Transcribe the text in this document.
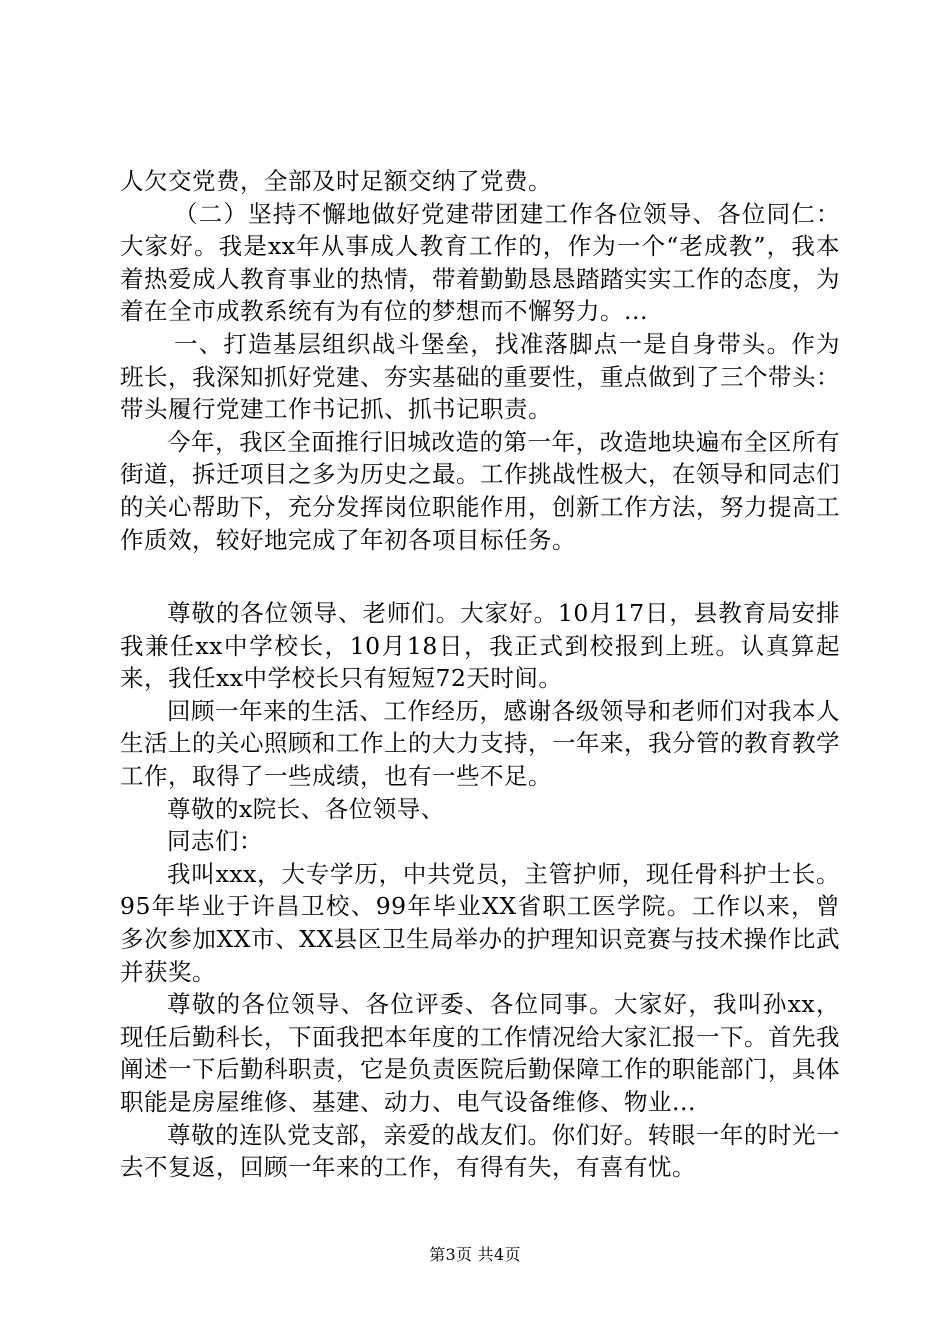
人欠交党费，全部及时足额交纳了党费。

（二）坚持不懈地做好党建带团建工作各位领导、各位同仁：大家好。我是xx年从事成人教育工作的，作为一个“老成教”，我本着热爱成人教育事业的热情，带着勤勤恳恳踏踏实实工作的态度，为着在全市成教系统有为有位的梦想而不懈努力。...

一、打造基层组织战斗堡垒，找准落脚点一是自身带头。作为班长，我深知抓好党建、夯实基础的重要性，重点做到了三个带头：带头履行党建工作书记抓、抓书记职责。

今年，我区全面推行旧城改造的第一年，改造地块遍布全区所有街道，拆迁项目之多为历史之最。工作挑战性极大，在领导和同志们的关心帮助下，充分发挥岗位职能作用，创新工作方法，努力提高工作质效，较好地完成了年初各项目标任务。

尊敬的各位领导、老师们。大家好。10月17日，县教育局安排我兼任xx中学校长，10月18日，我正式到校报到上班。认真算起来，我任xx中学校长只有短短72天时间。

回顾一年来的生活、工作经历，感谢各级领导和老师们对我本人生活上的关心照顾和工作上的大力支持，一年来，我分管的教育教学工作，取得了一些成绩，也有一些不足。

尊敬的x院长、各位领导、

同志们：

我叫xxx，大专学历，中共党员，主管护师，现任骨科护士长。95年毕业于许昌卫校、99年毕业XX省职工医学院。工作以来，曾多次参加XX市、XX县区卫生局举办的护理知识竞赛与技术操作比武并获奖。

尊敬的各位领导、各位评委、各位同事。大家好，我叫孙xx，现任后勤科长，下面我把本年度的工作情况给大家汇报一下。首先我阐述一下后勤科职责，它是负责医院后勤保障工作的职能部门，具体职能是房屋维修、基建、动力、电气设备维修、物业...

尊敬的连队党支部，亲爱的战友们。你们好。转眼一年的时光一去不复返，回顾一年来的工作，有得有失，有喜有忧。

第3页 共4页
